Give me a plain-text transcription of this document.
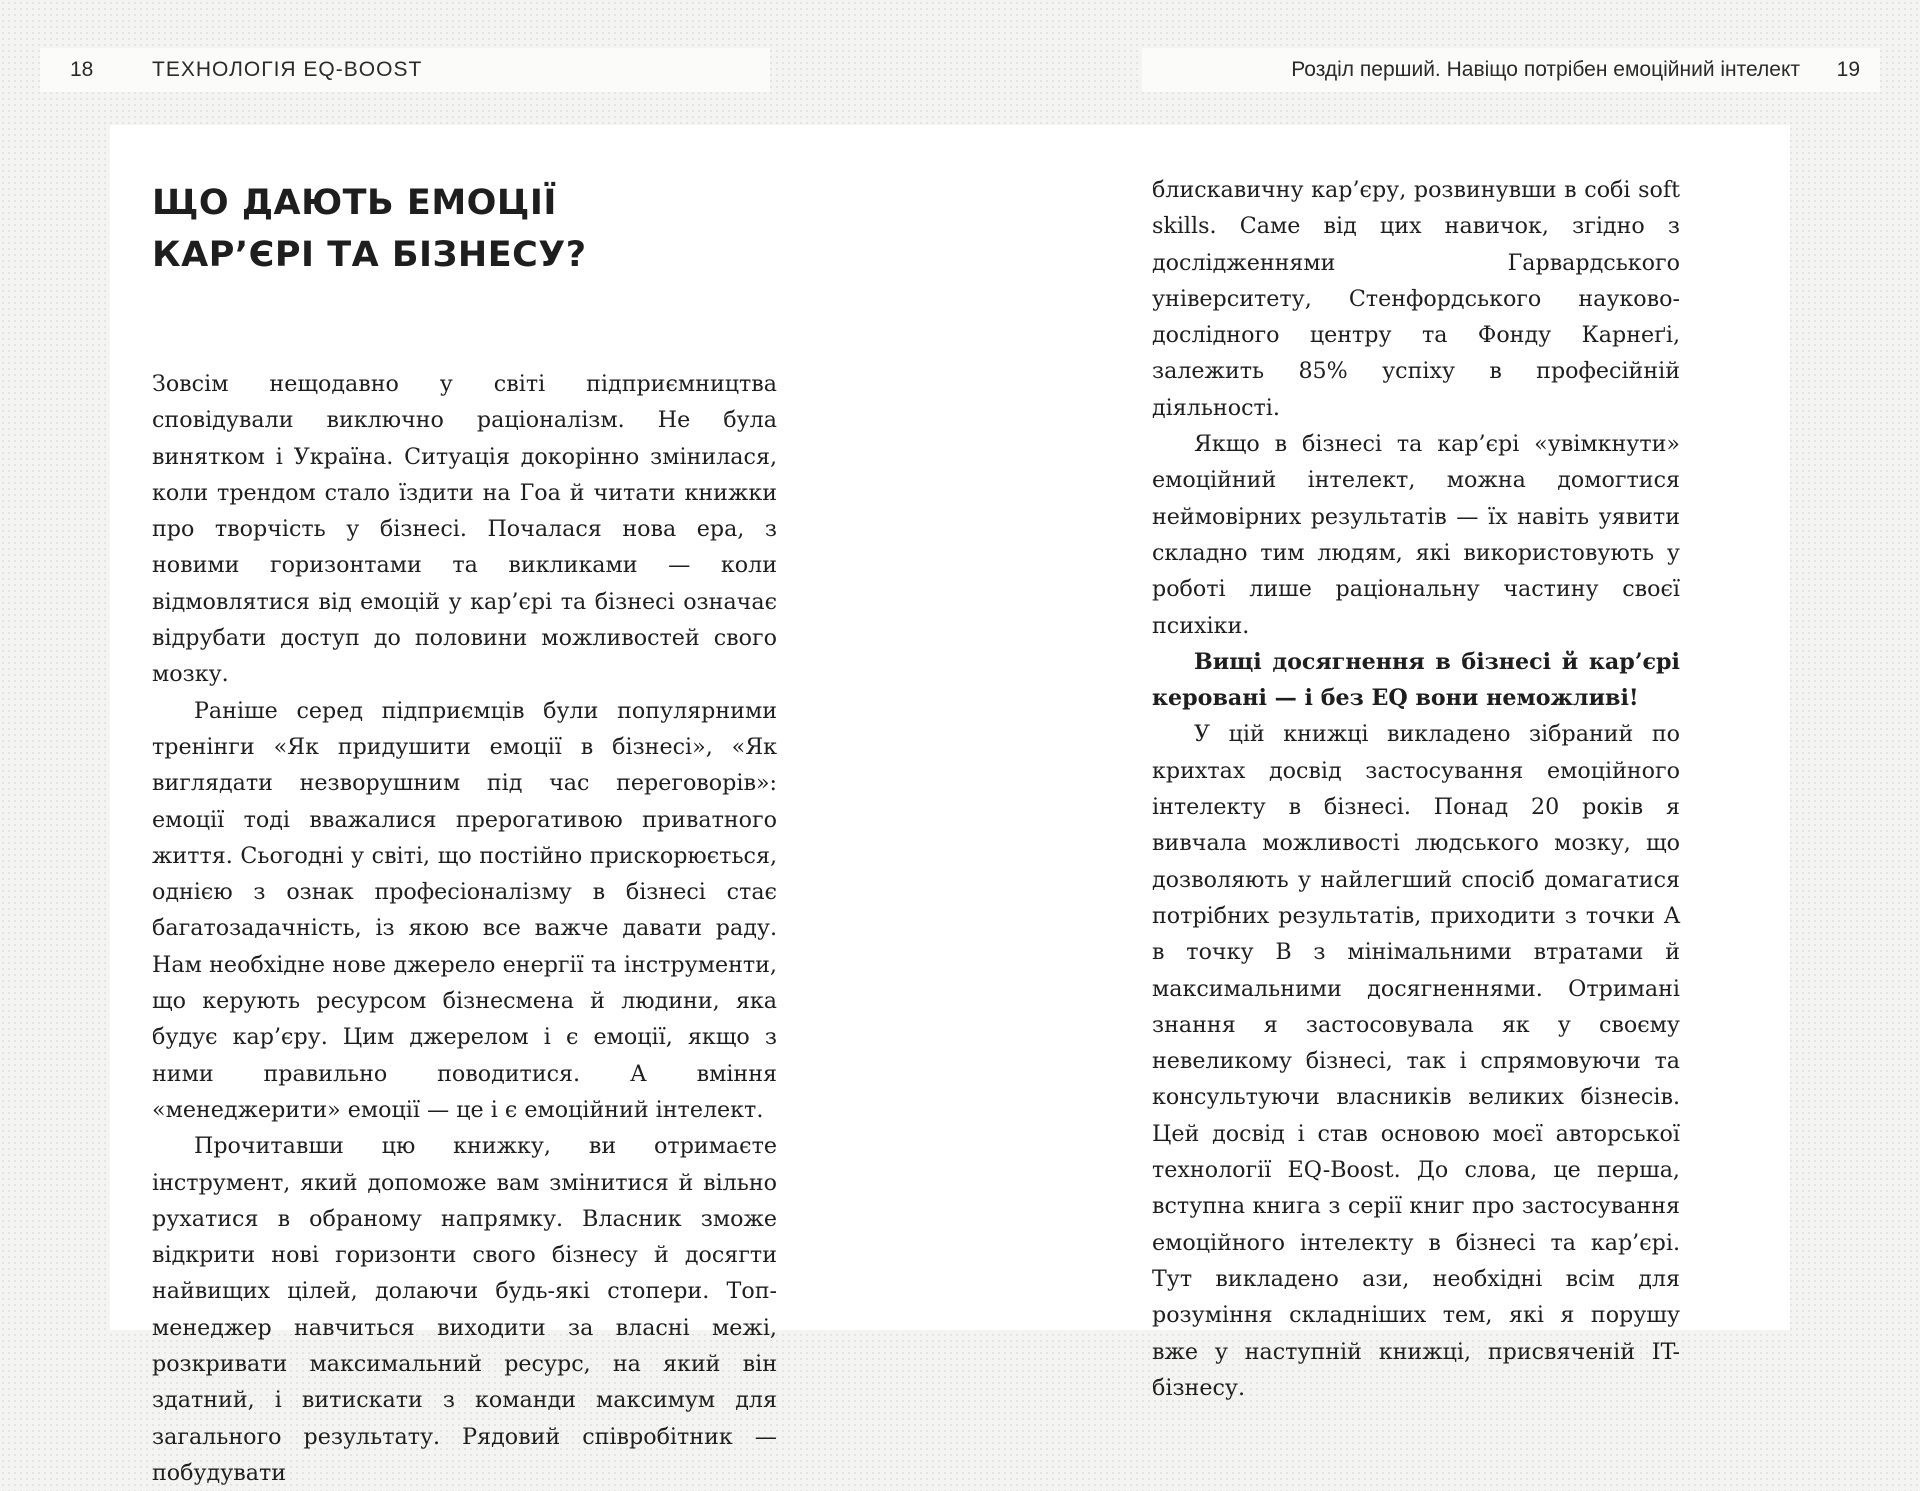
18	ТЕХНОЛОГІЯ EQ-BOOST	Розділ перший. Навіщо потрібен емоційний інтелект 19
ЩО ДАЮТЬ ЕМОЦІЇ
КАР’ЄРІ ТА БІЗНЕСУ?

Зовсім нещодавно у світі підприємництва сповідували виключно раціоналізм. Не була винятком і Україна. Ситуація докорінно змінилася, коли трендом стало їздити на Гоа й читати книжки про творчість у бізнесі. Почалася нова ера, з новими горизонтами та викликами — коли відмовлятися від емоцій у кар’єрі та бізнесі означає відрубати доступ до половини можливостей свого мозку.

Раніше серед підприємців були популярними тренінги «Як придушити емоції в бізнесі», «Як виглядати незворушним під час переговорів»: емоції тоді вважалися прерогативою приватного життя. Сьогодні у світі, що постійно прискорюється, однією з ознак професіоналізму в бізнесі стає багатозадачність, із якою все важче давати раду. Нам необхідне нове джерело енергії та інструменти, що керують ресурсом бізнесмена й людини, яка будує кар’єру. Цим джерелом і є емоції, якщо з ними правильно поводитися. А вміння «менеджерити» емоції — це і є емоційний інтелект.

Прочитавши цю книжку, ви отримаєте інструмент, який допоможе вам змінитися й вільно рухатися в обраному напрямку. Власник зможе відкрити нові горизонти свого бізнесу й досягти найвищих цілей, долаючи будь-які стопери. Топ-менеджер навчиться виходити за власні межі, розкривати максимальний ресурс, на який він здатний, і витискати з команди максимум для загального результату. Рядовий співробітник — побудувати

блискавичну кар’єру, розвинувши в собі soft skills. Саме від цих навичок, згідно з дослідженнями Гарвардського університету, Стенфордського науково-дослідного центру та Фонду Карнеґі, залежить 85% успіху в професійній діяльності.

Якщо в бізнесі та кар’єрі «увімкнути» емоційний інтелект, можна домогтися неймовірних результатів — їх навіть уявити складно тим людям, які використовують у роботі лише раціональну частину своєї психіки.

Вищі досягнення в бізнесі й кар’єрі керовані — і без EQ вони неможливі!

У цій книжці викладено зібраний по крихтах досвід застосування емоційного інтелекту в бізнесі. Понад 20 років я вивчала можливості людського мозку, що дозволяють у найлегший спосіб домагатися потрібних результатів, приходити з точки A в точку B з мінімальними втратами й максимальними досягненнями. Отримані знання я застосовувала як у своєму невеликому бізнесі, так і спрямовуючи та консультуючи власників великих бізнесів. Цей досвід і став основою моєї авторської технології EQ-Boost. До слова, це перша, вступна книга з серії книг про застосування емоційного інтелекту в бізнесі та кар’єрі. Тут викладено ази, необхідні всім для розуміння складніших тем, які я порушу вже у наступній книжці, присвяченій IT-бізнесу.
